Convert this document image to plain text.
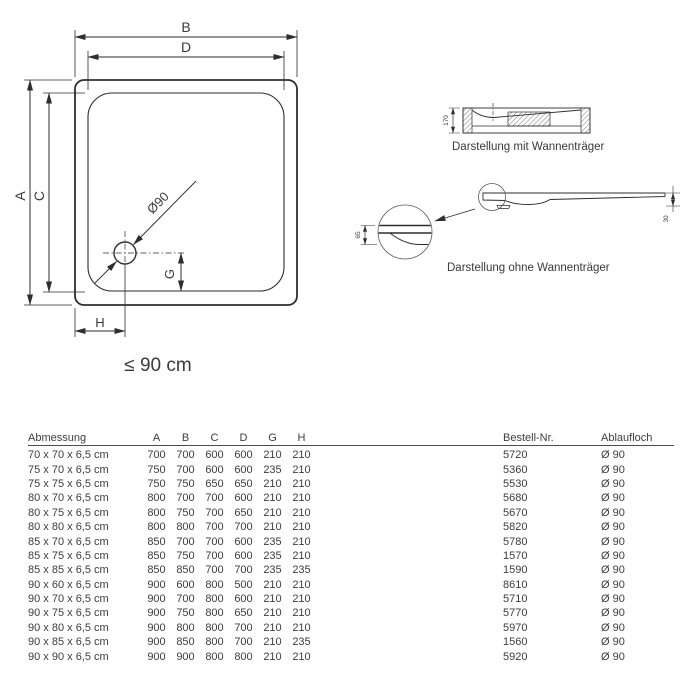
B
D
A C
G
H
Ø90
≤ 90 cm
170
Darstellung mit Wannenträger
65
30
Darstellung ohne Wannenträger
Abmessung	A	B	C	D	G	H	Bestell-Nr.	Ablaufloch
70 x 70 x 6,5 cm	700 700 600 600 210 210	5720	Ø 90
75 x 70 x 6,5 cm	750 700 600 600 235 210	5360	Ø 90
75 x 75 x 6,5 cm	750 750 650 650 210 210	5530	Ø 90
80 x 70 x 6,5 cm	800 700 700 600 210 210	5680	Ø 90
80 x 75 x 6,5 cm	800 750 700 650 210 210	5670	Ø 90
80 x 80 x 6,5 cm	800 800 700 700 210 210	5820	Ø 90
85 x 70 x 6,5 cm	850 700 700 600 235 210	5780	Ø 90
85 x 75 x 6,5 cm	850 750 700 600 235 210	1570	Ø 90
85 x 85 x 6,5 cm	850 850 700 700 235 235	1590	Ø 90
90 x 60 x 6,5 cm	900 600 800 500 210 210	8610	Ø 90
90 x 70 x 6,5 cm	900 700 800 600 210 210	5710	Ø 90
90 x 75 x 6,5 cm	900 750 800 650 210 210	5770	Ø 90
90 x 80 x 6,5 cm	900 800 800 700 210 210	5970	Ø 90
90 x 85 x 6,5 cm	900 850 800 700 210 235	1560	Ø 90
90 x 90 x 6,5 cm	900 900 800 800 210 210	5920	Ø 90
